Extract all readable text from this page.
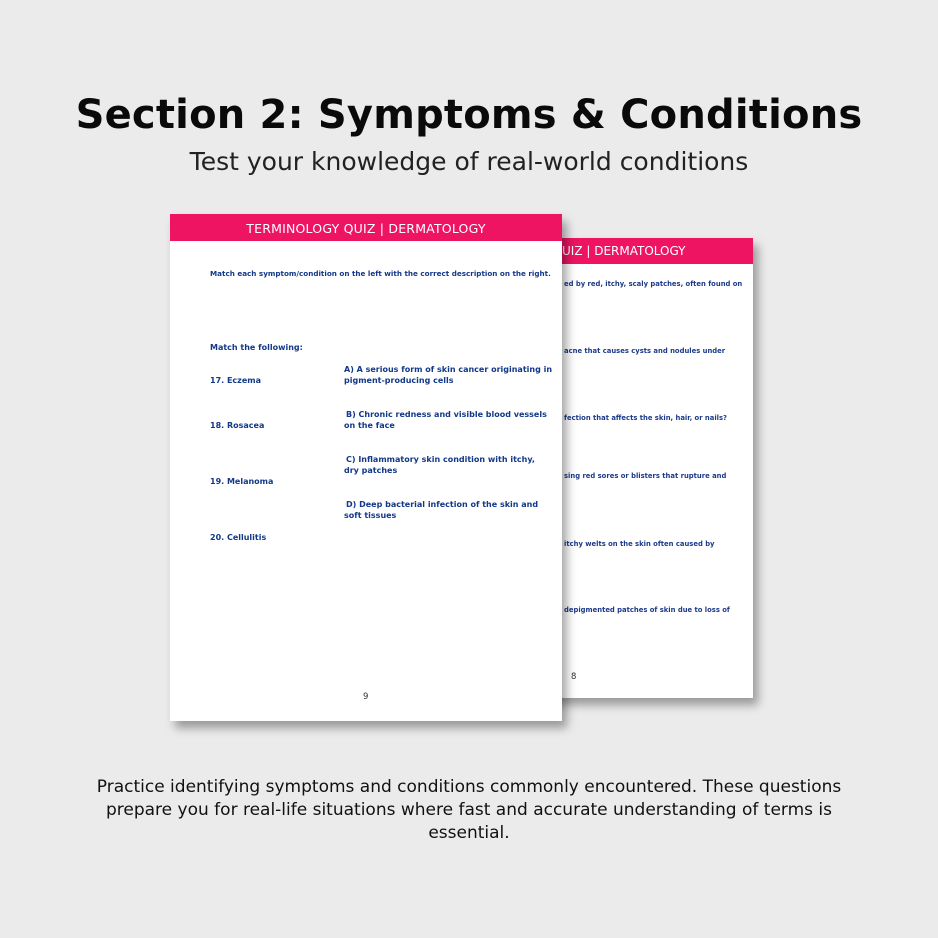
Section 2: Symptoms & Conditions
Test your knowledge of real-world conditions
UIZ | DERMATOLOGY
ed by red, itchy, scaly patches, often found on
acne that causes cysts and nodules under
fection that affects the skin, hair, or nails?
sing red sores or blisters that rupture and
itchy welts on the skin often caused by
depigmented patches of skin due to loss of
8
TERMINOLOGY QUIZ | DERMATOLOGY
Match each symptom/condition on the left with the correct description on the right.
Match the following:
17. Eczema
18. Rosacea
19. Melanoma
20. Cellulitis
A) A serious form of skin cancer originating in
pigment-producing cells
B) Chronic redness and visible blood vessels
on the face
C) Inflammatory skin condition with itchy,
dry patches
D) Deep bacterial infection of the skin and
soft tissues
9
Practice identifying symptoms and conditions commonly encountered. These questions prepare you for real-life situations where fast and accurate understanding of terms is essential.
